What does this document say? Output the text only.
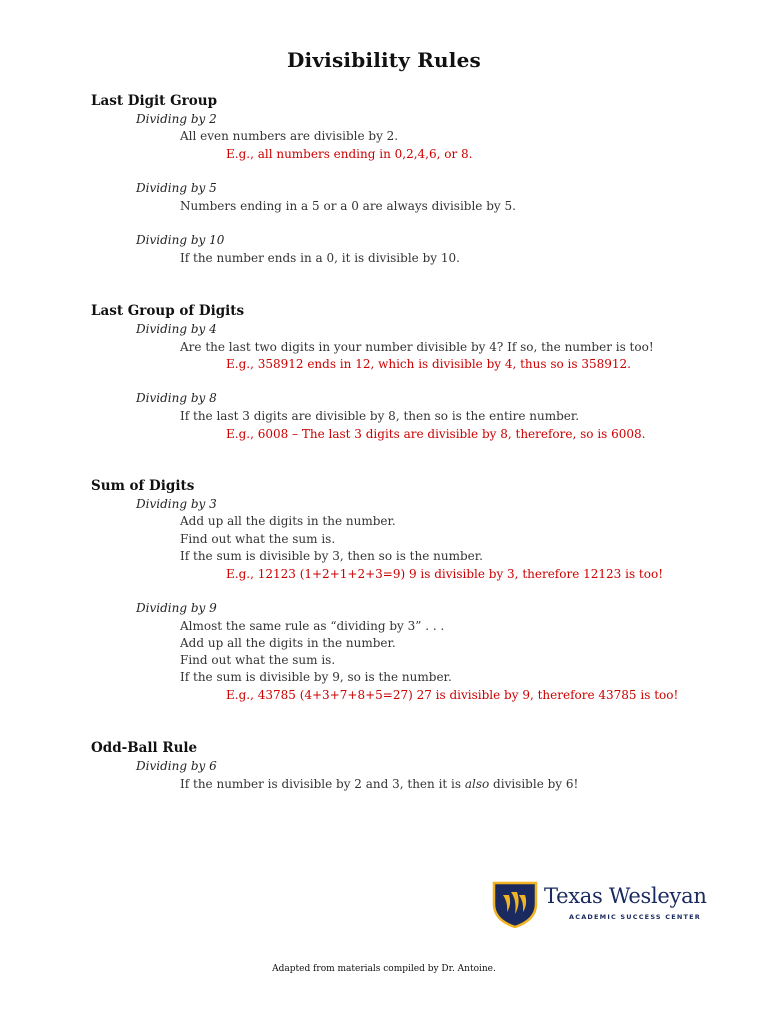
Divisibility Rules
Last Digit Group
Dividing by 2
All even numbers are divisible by 2.
E.g., all numbers ending in 0,2,4,6, or 8.
Dividing by 5
Numbers ending in a 5 or a 0 are always divisible by 5.
Dividing by 10
If the number ends in a 0, it is divisible by 10.
Last Group of Digits
Dividing by 4
Are the last two digits in your number divisible by 4? If so, the number is too!
E.g., 358912 ends in 12, which is divisible by 4, thus so is 358912.
Dividing by 8
If the last 3 digits are divisible by 8, then so is the entire number.
E.g., 6008 – The last 3 digits are divisible by 8, therefore, so is 6008.
Sum of Digits
Dividing by 3
Add up all the digits in the number.
Find out what the sum is.
If the sum is divisible by 3, then so is the number.
E.g., 12123 (1+2+1+2+3=9) 9 is divisible by 3, therefore 12123 is too!
Dividing by 9
Almost the same rule as “dividing by 3” . . .
Add up all the digits in the number.
Find out what the sum is.
If the sum is divisible by 9, so is the number.
E.g., 43785 (4+3+7+8+5=27) 27 is divisible by 9, therefore 43785 is too!
Odd-Ball Rule
Dividing by 6
If the number is divisible by 2 and 3, then it is also divisible by 6!
Texas Wesleyan
ACADEMIC SUCCESS CENTER
Adapted from materials compiled by Dr. Antoine.
